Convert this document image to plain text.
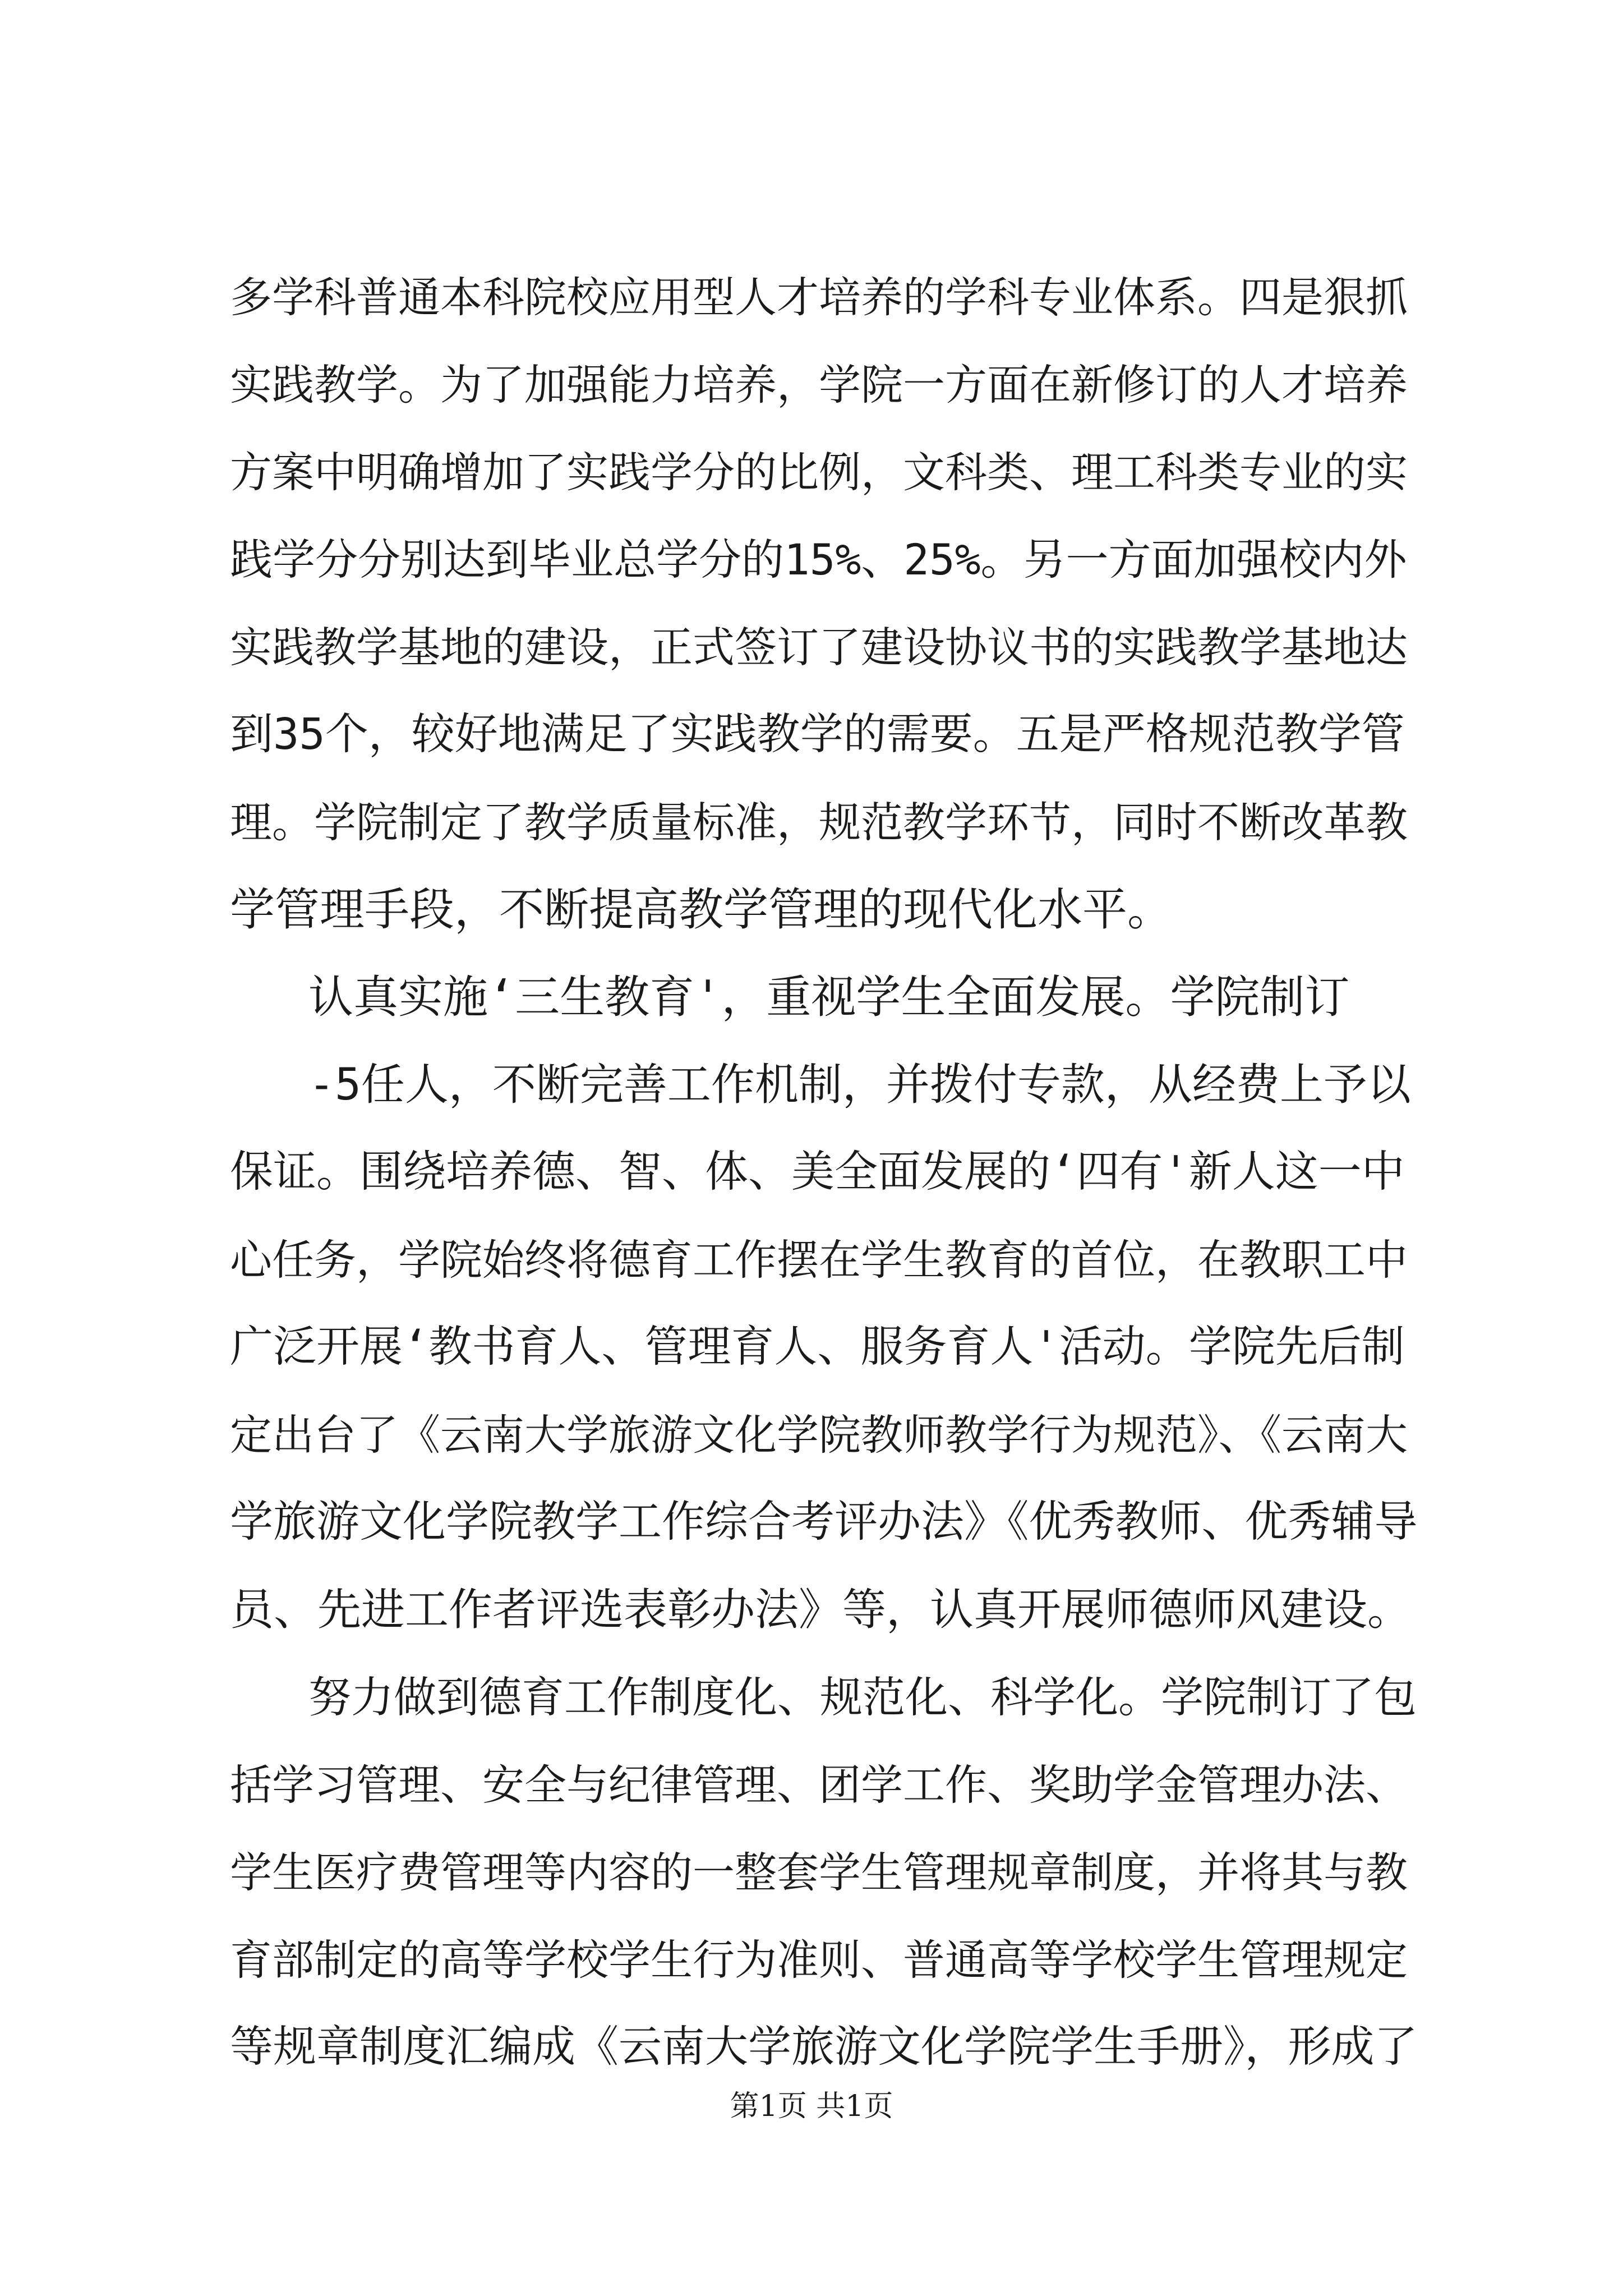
多学科普通本科院校应用型人才培养的学科专业体系。四是狠抓
实践教学。为了加强能力培养，学院一方面在新修订的人才培养
方案中明确增加了实践学分的比例，文科类、理工科类专业的实
践学分分别达到毕业总学分的15%、25%。另一方面加强校内外
实践教学基地的建设，正式签订了建设协议书的实践教学基地达
到35个，较好地满足了实践教学的需要。五是严格规范教学管
理。学院制定了教学质量标准，规范教学环节，同时不断改革教
学管理手段，不断提高教学管理的现代化水平。
认真实施‘三生教育'，重视学生全面发展。学院制订
-5任人，不断完善工作机制，并拨付专款，从经费上予以
保证。围绕培养德、智、体、美全面发展的‘四有'新人这一中
心任务，学院始终将德育工作摆在学生教育的首位，在教职工中
广泛开展‘教书育人、管理育人、服务育人'活动。学院先后制
定出台了《云南大学旅游文化学院教师教学行为规范》、《云南大
学旅游文化学院教学工作综合考评办法》《优秀教师、优秀辅导
员、先进工作者评选表彰办法》等，认真开展师德师风建设。
努力做到德育工作制度化、规范化、科学化。学院制订了包
括学习管理、安全与纪律管理、团学工作、奖助学金管理办法、
学生医疗费管理等内容的一整套学生管理规章制度，并将其与教
育部制定的高等学校学生行为准则、普通高等学校学生管理规定
等规章制度汇编成《云南大学旅游文化学院学生手册》，形成了
第1页 共1页
